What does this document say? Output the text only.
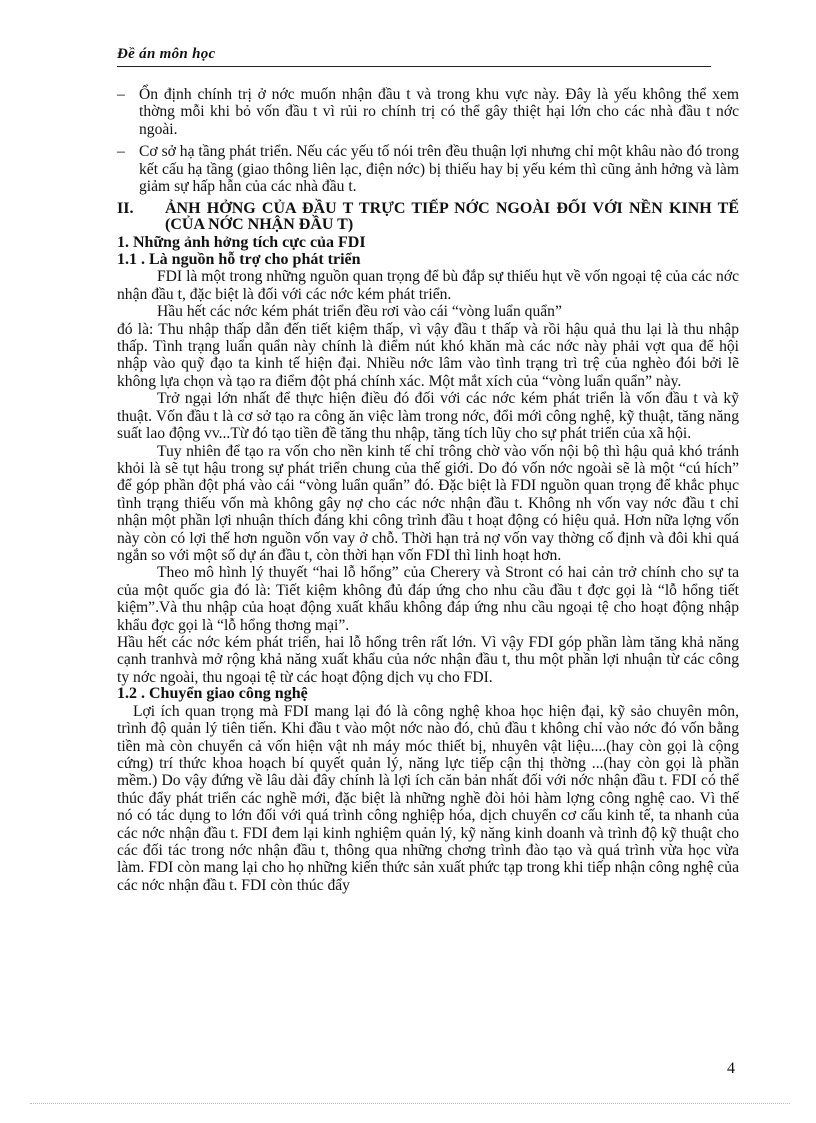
Đề án môn học
– Ổn định chính trị ở nớc muốn nhận đầu t và trong khu vực này. Đây là yếu không thể xem thờng mỗi khi bỏ vốn đầu t vì rủi ro chính trị có thể gây thiệt hại lớn cho các nhà đầu t nớc ngoài.
– Cơ sở hạ tầng phát triển. Nếu các yếu tố nói trên đều thuận lợi nhưng chỉ một khâu nào đó trong kết cấu hạ tầng (giao thông liên lạc, điện nớc) bị thiếu hay bị yếu kém thì cũng ảnh hởng và làm giảm sự hấp hẫn của các nhà đầu t.
II. ẢNH HỞNG CỦA ĐẦU T TRỰC TIẾP NỚC NGOÀI ĐỐI VỚI NỀN KINH TẾ (CỦA NỚC NHẬN ĐẦU T)
1. Những ảnh hởng tích cực của FDI
1.1 . Là nguồn hỗ trợ cho phát triển

FDI là một trong những nguồn quan trọng để bù đắp sự thiếu hụt về vốn ngoại tệ của các nớc nhận đầu t, đặc biệt là đối với các nớc kém phát triển.

Hầu hết các nớc kém phát triển đều rơi vào cái “vòng luẩn quẩn”

đó là: Thu nhập thấp dẫn đến tiết kiệm thấp, vì vậy đầu t thấp và rồi hậu quả thu lại là thu nhập thấp. Tình trạng luẩn quẩn này chính là điểm nút khó khăn mà các nớc này phải vợt qua để hội nhập vào quỹ đạo ta kinh tế hiện đại. Nhiều nớc lâm vào tình trạng trì trệ của nghèo đói bởi lẽ không lựa chọn và tạo ra điểm đột phá chính xác. Một mắt xích của “vòng luẩn quẩn” này.

Trở ngại lớn nhất để thực hiện điều đó đối với các nớc kém phát triển là vốn đầu t và kỹ thuật. Vốn đầu t là cơ sở tạo ra công ăn việc làm trong nớc, đổi mới công nghệ, kỹ thuật, tăng năng suất lao động vv...Từ đó tạo tiền đề tăng thu nhập, tăng tích lũy cho sự phát triển của xã hội.

Tuy nhiên để tạo ra vốn cho nền kinh tế chỉ trông chờ vào vốn nội bộ thì hậu quả khó tránh khỏi là sẽ tụt hậu trong sự phát triển chung của thế giới. Do đó vốn nớc ngoài sẽ là một “cú hích” để góp phần đột phá vào cái “vòng luẩn quẩn” đó. Đặc biệt là FDI nguồn quan trọng để khắc phục tình trạng thiếu vốn mà không gây nợ cho các nớc nhận đầu t. Không nh vốn vay nớc đầu t chỉ nhận một phần lợi nhuận thích đáng khi công trình đầu t hoạt động có hiệu quả. Hơn nữa lợng vốn này còn có lợi thế hơn nguồn vốn vay ở chỗ. Thời hạn trả nợ vốn vay thờng cố định và đôi khi quá ngắn so với một số dự án đầu t, còn thời hạn vốn FDI thì linh hoạt hơn.

Theo mô hình lý thuyết “hai lỗ hổng” của Cherery và Stront có hai cản trở chính cho sự ta của một quốc gia đó là: Tiết kiệm không đủ đáp ứng cho nhu cầu đầu t đợc gọi là “lỗ hổng tiết kiệm”.Và thu nhập của hoạt động xuất khẩu không đáp ứng nhu cầu ngoại tệ cho hoạt động nhập khẩu đợc gọi là “lỗ hổng thơng mại”.

Hầu hết các nớc kém phát triển, hai lỗ hổng trên rất lớn. Vì vậy FDI góp phần làm tăng khả năng cạnh tranhvà mở rộng khả năng xuất khẩu của nớc nhận đầu t, thu một phần lợi nhuận từ các công ty nớc ngoài, thu ngoại tệ từ các hoạt động dịch vụ cho FDI.

1.2 . Chuyển giao công nghệ

Lợi ích quan trọng mà FDI mang lại đó là công nghệ khoa học hiện đại, kỹ sảo chuyên môn, trình độ quản lý tiên tiến. Khi đầu t vào một nớc nào đó, chủ đầu t không chỉ vào nớc đó vốn bằng tiền mà còn chuyển cả vốn hiện vật nh máy móc thiết bị, nhuyên vật liệu....(hay còn gọi là cộng cứng) trí thức khoa hoạch bí quyết quản lý, năng lực tiếp cận thị thờng ...(hay còn gọi là phần mềm.) Do vậy đứng về lâu dài đây chính là lợi ích căn bản nhất đối với nớc nhận đầu t. FDI có thể thúc đẩy phát triển các nghề mới, đặc biệt là những nghề đòi hỏi hàm lợng công nghệ cao. Vì thế nó có tác dụng to lớn đối với quá trình công nghiệp hóa, dịch chuyển cơ cấu kinh tế, ta nhanh của các nớc nhận đầu t. FDI đem lại kinh nghiệm quản lý, kỹ năng kinh doanh và trình độ kỹ thuật cho các đối tác trong nớc nhận đầu t, thông qua những chơng trình đào tạo và quá trình vừa học vừa làm. FDI còn mang lại cho họ những kiến thức sản xuất phức tạp trong khi tiếp nhận công nghệ của các nớc nhận đầu t. FDI còn thúc đẩy

4
